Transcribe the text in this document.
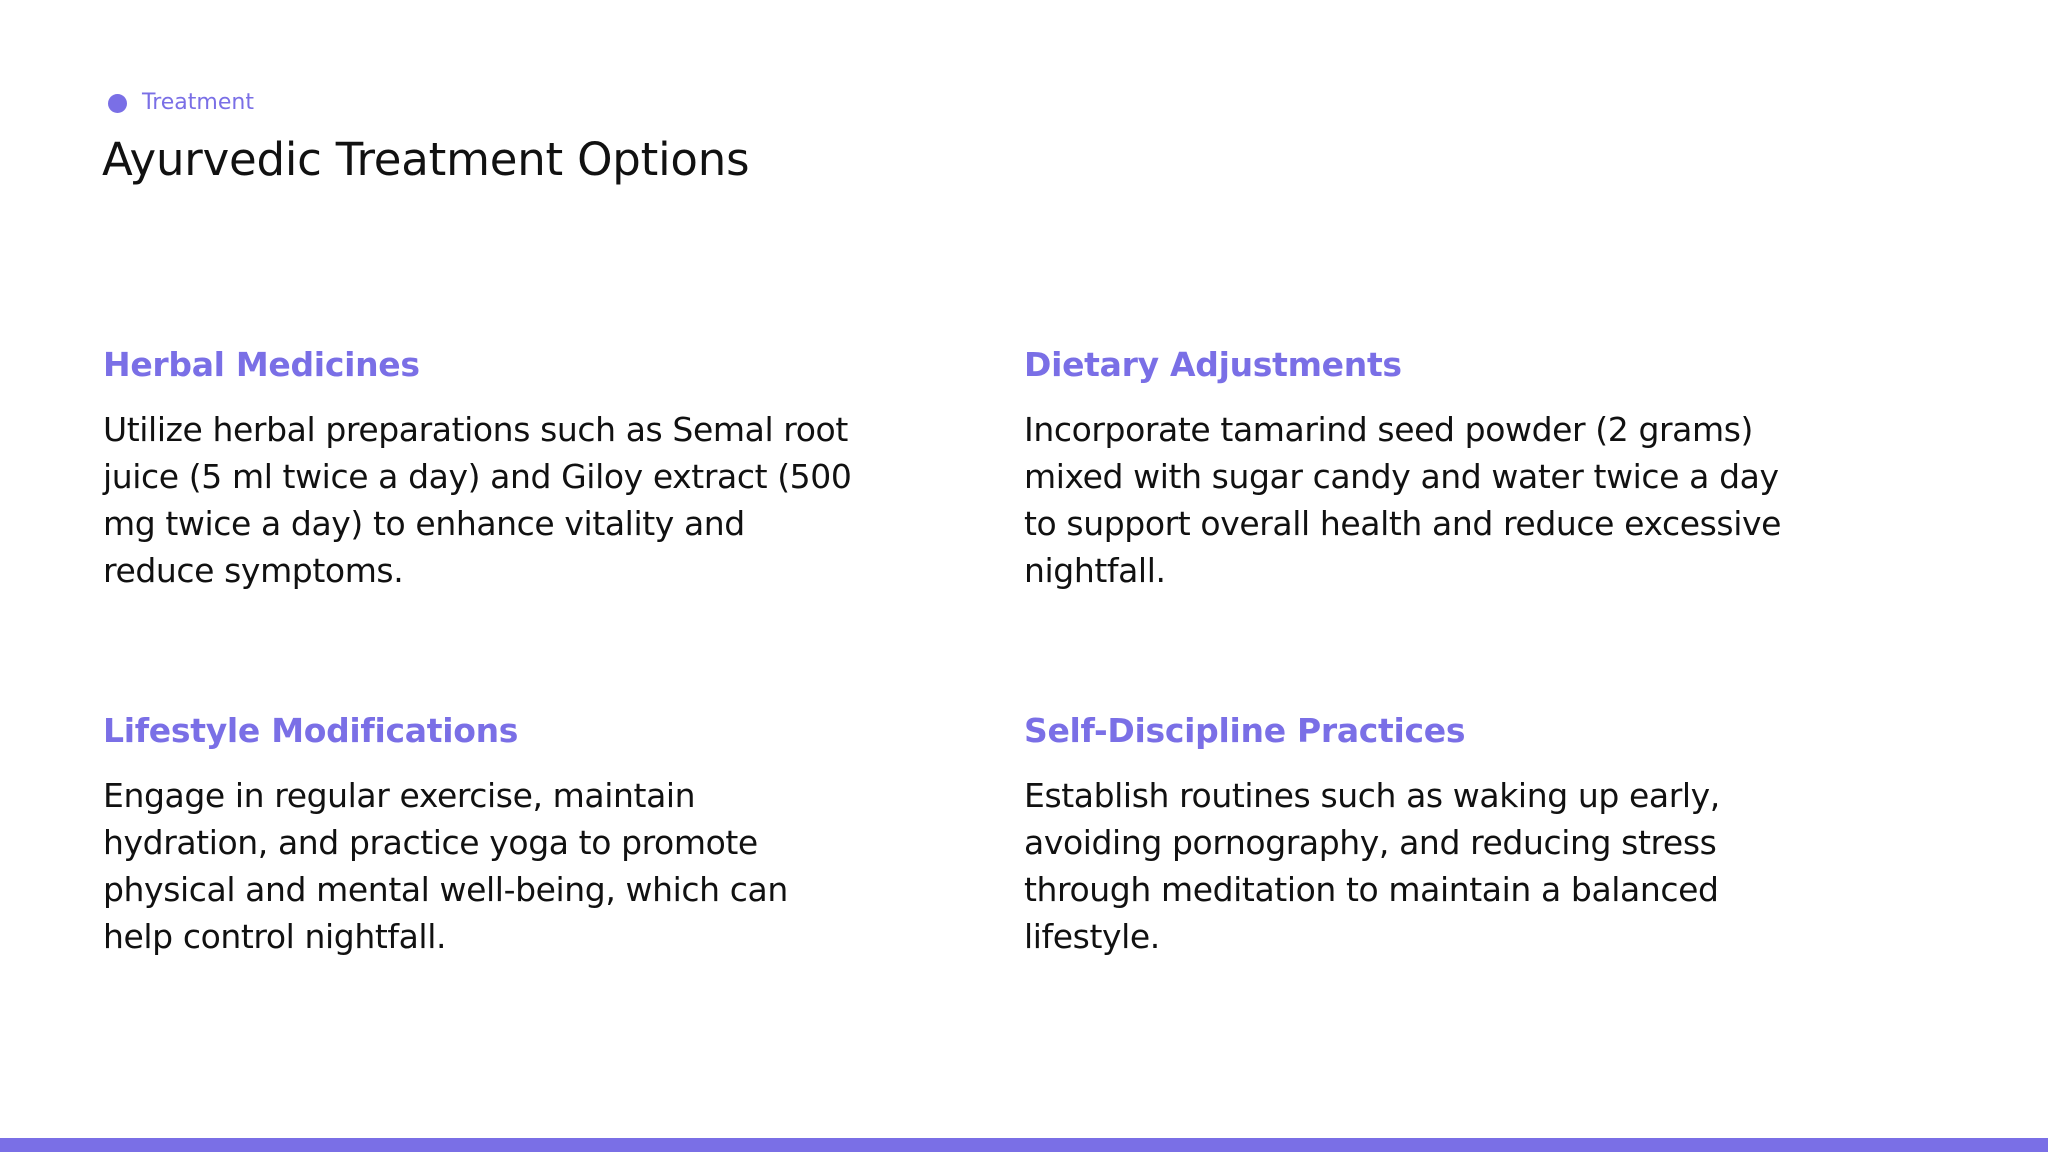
Treatment
Ayurvedic Treatment Options
Herbal Medicines

Utilize herbal preparations such as Semal root juice (5 ml twice a day) and Giloy extract (500 mg twice a day) to enhance vitality and reduce symptoms.

Dietary Adjustments

Incorporate tamarind seed powder (2 grams) mixed with sugar candy and water twice a day to support overall health and reduce excessive nightfall.

Lifestyle Modifications

Engage in regular exercise, maintain hydration, and practice yoga to promote physical and mental well-being, which can help control nightfall.

Self-Discipline Practices

Establish routines such as waking up early, avoiding pornography, and reducing stress through meditation to maintain a balanced lifestyle.
